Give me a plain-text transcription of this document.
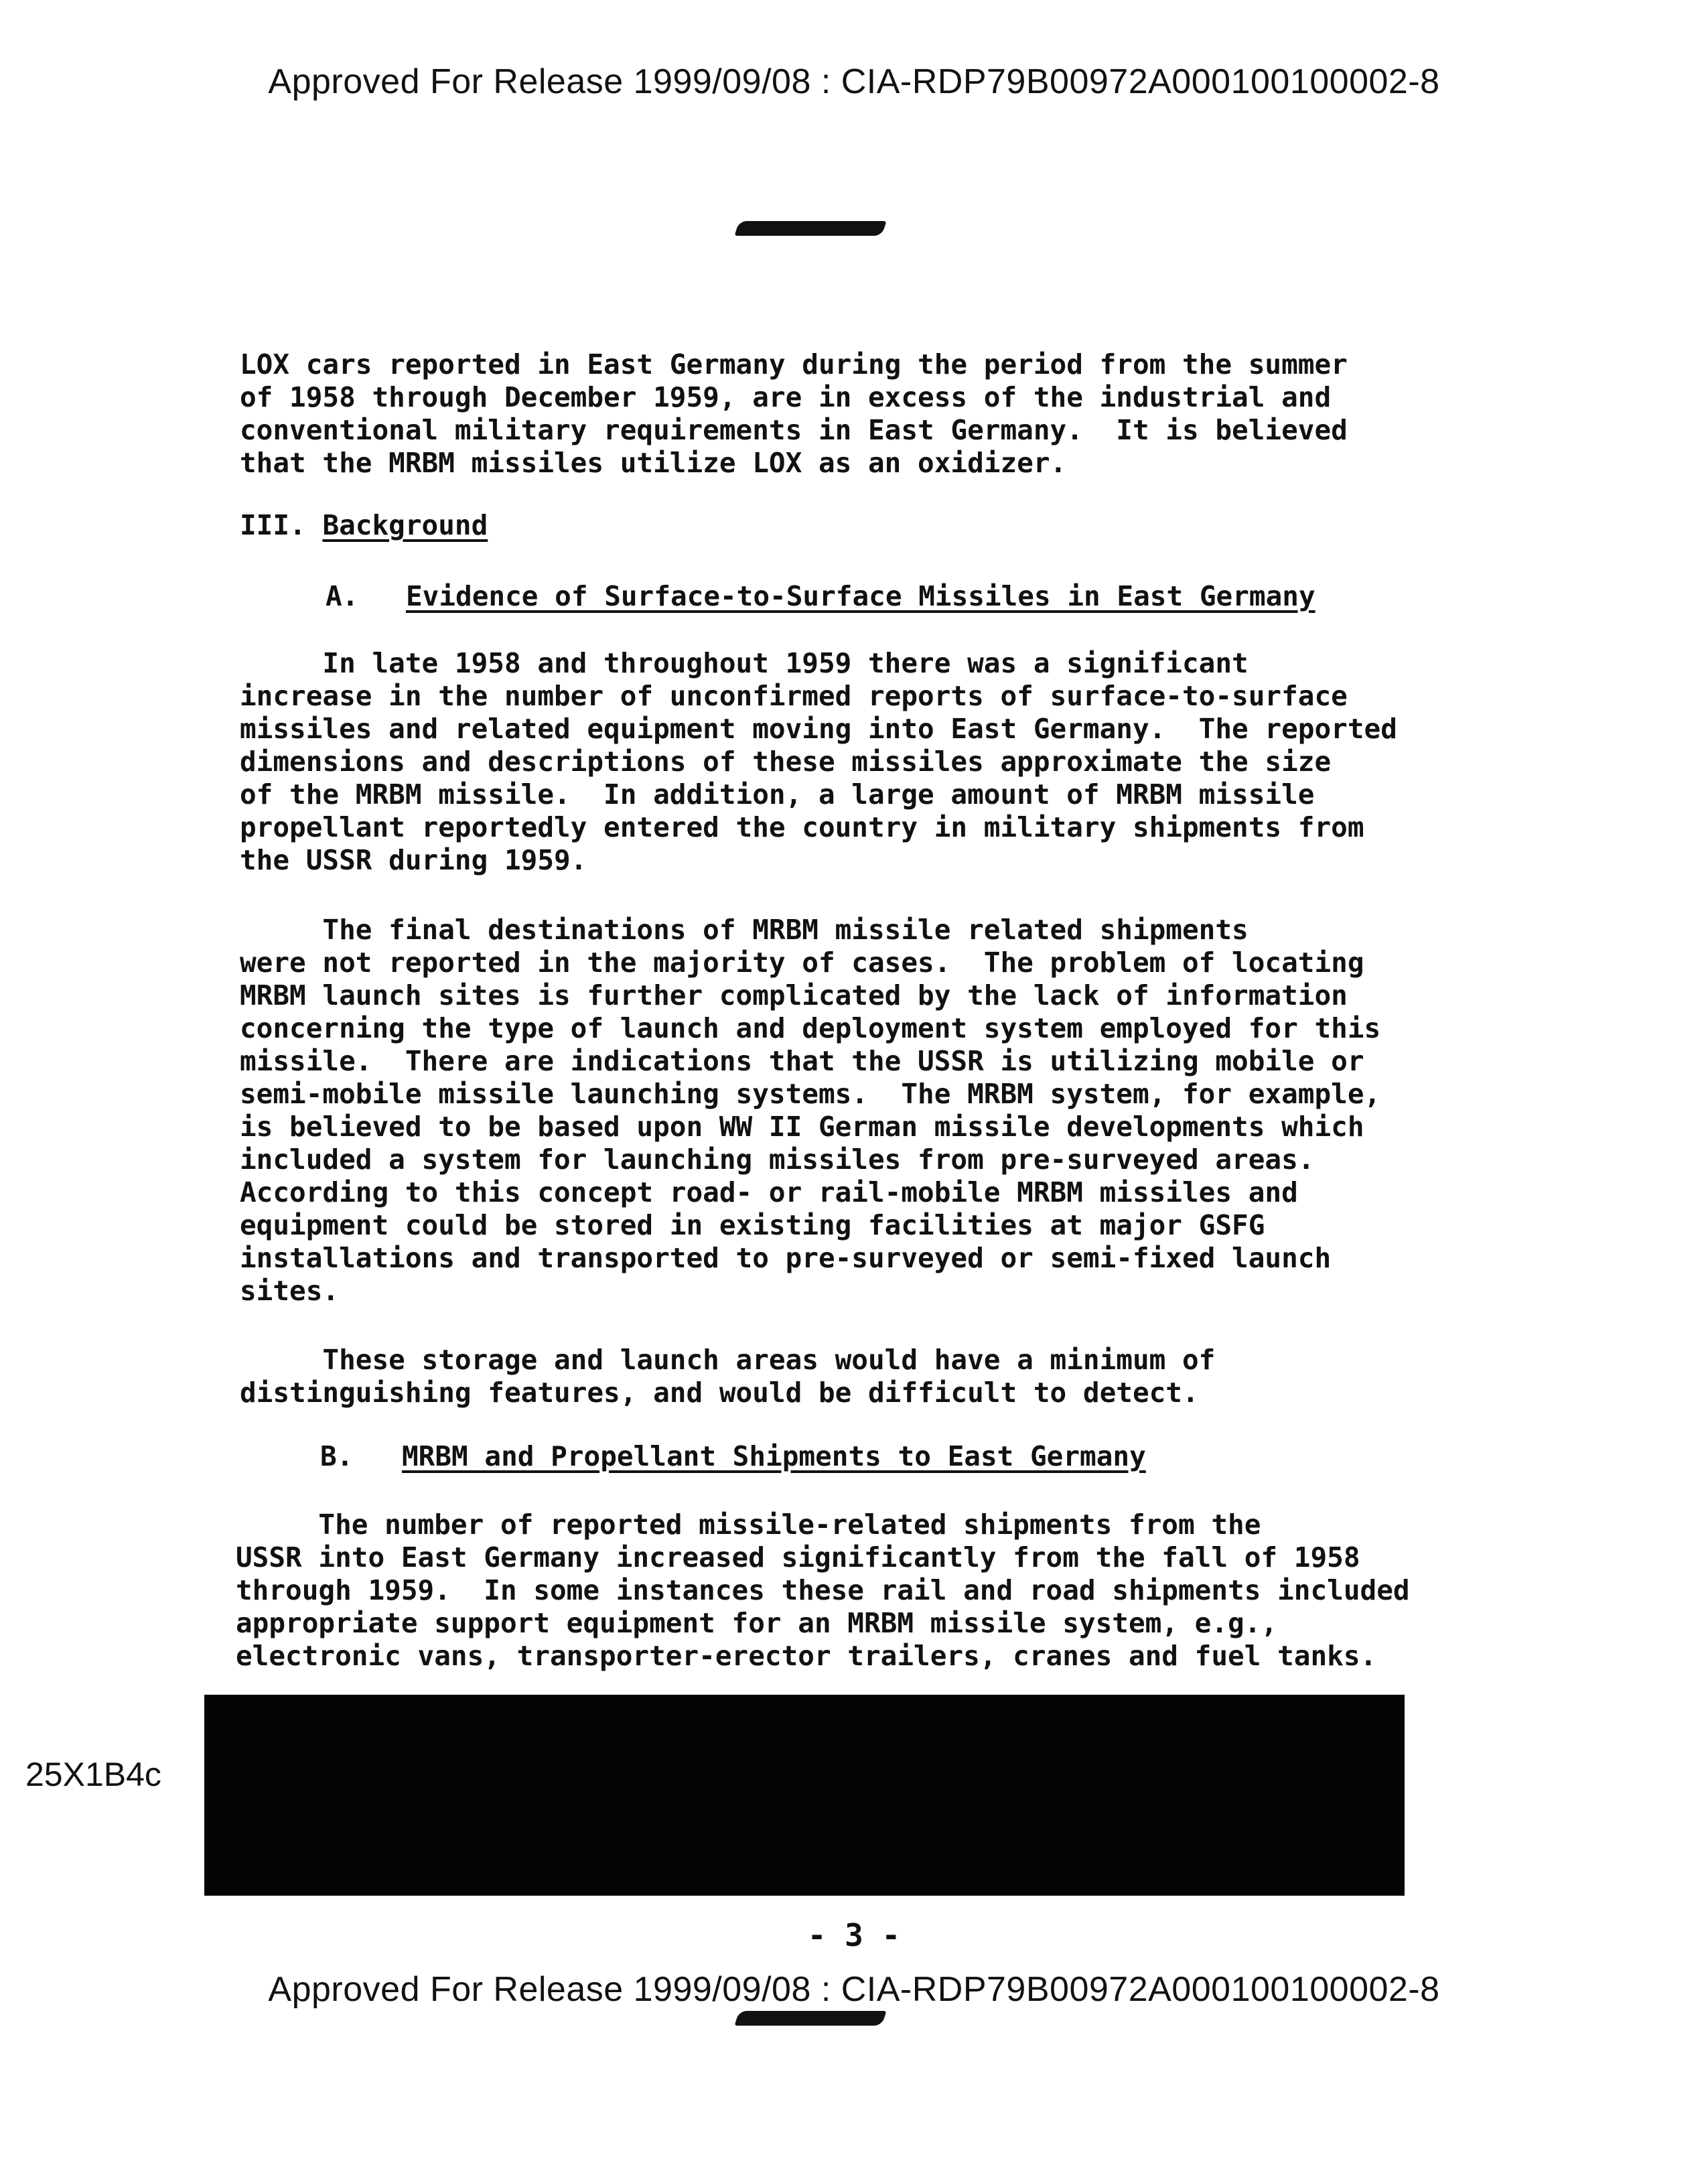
Approved For Release 1999/09/08 : CIA-RDP79B00972A000100100002-8
LOX cars reported in East Germany during the period from the summer
of 1958 through December 1959, are in excess of the industrial and
conventional military requirements in East Germany.  It is believed
that the MRBM missiles utilize LOX as an oxidizer.
III. Background
A. Evidence of Surface-to-Surface Missiles in East Germany
In late 1958 and throughout 1959 there was a significant
increase in the number of unconfirmed reports of surface-to-surface
missiles and related equipment moving into East Germany.  The reported
dimensions and descriptions of these missiles approximate the size
of the MRBM missile.  In addition, a large amount of MRBM missile
propellant reportedly entered the country in military shipments from
the USSR during 1959.
The final destinations of MRBM missile related shipments
were not reported in the majority of cases.  The problem of locating
MRBM launch sites is further complicated by the lack of information
concerning the type of launch and deployment system employed for this
missile.  There are indications that the USSR is utilizing mobile or
semi-mobile missile launching systems.  The MRBM system, for example,
is believed to be based upon WW II German missile developments which
included a system for launching missiles from pre-surveyed areas.
According to this concept road- or rail-mobile MRBM missiles and
equipment could be stored in existing facilities at major GSFG
installations and transported to pre-surveyed or semi-fixed launch
sites.
These storage and launch areas would have a minimum of
distinguishing features, and would be difficult to detect.
B. MRBM and Propellant Shipments to East Germany
The number of reported missile-related shipments from the
USSR into East Germany increased significantly from the fall of 1958
through 1959.  In some instances these rail and road shipments included
appropriate support equipment for an MRBM missile system, e.g.,
electronic vans, transporter-erector trailers, cranes and fuel tanks.
25X1B4c
- 3 -
Approved For Release 1999/09/08 : CIA-RDP79B00972A000100100002-8
